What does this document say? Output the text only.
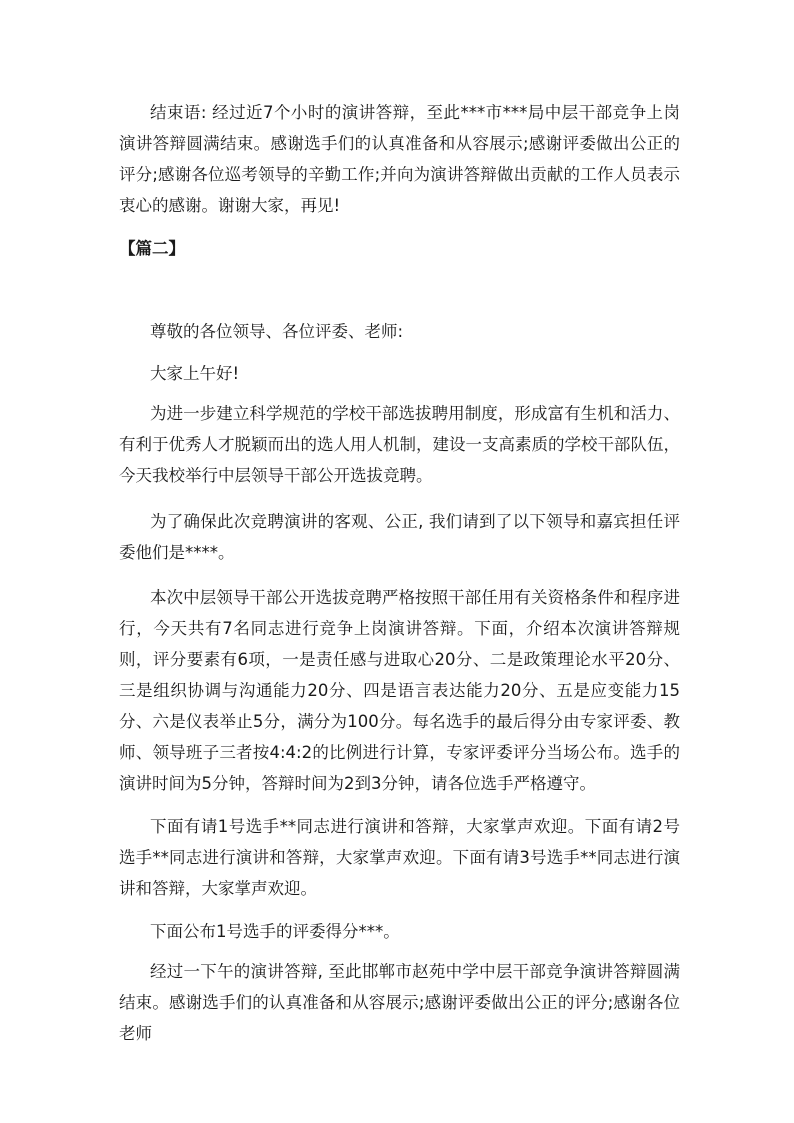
结束语: 经过近7个小时的演讲答辩，至此***市***局中层干部竞争上岗演讲答辩圆满结束。感谢选手们的认真准备和从容展示;感谢评委做出公正的评分;感谢各位巡考领导的辛勤工作;并向为演讲答辩做出贡献的工作人员表示衷心的感谢。谢谢大家，再见!

【篇二】

尊敬的各位领导、各位评委、老师:

大家上午好!

为进一步建立科学规范的学校干部选拔聘用制度，形成富有生机和活力、有利于优秀人才脱颖而出的选人用人机制，建设一支高素质的学校干部队伍，今天我校举行中层领导干部公开选拔竞聘。

为了确保此次竞聘演讲的客观、公正, 我们请到了以下领导和嘉宾担任评委他们是****。

本次中层领导干部公开选拔竞聘严格按照干部任用有关资格条件和程序进行，今天共有7名同志进行竞争上岗演讲答辩。下面，介绍本次演讲答辩规则，评分要素有6项，一是责任感与进取心20分、二是政策理论水平20分、三是组织协调与沟通能力20分、四是语言表达能力20分、五是应变能力15分、六是仪表举止5分，满分为100分。每名选手的最后得分由专家评委、教师、领导班子三者按4:4:2的比例进行计算，专家评委评分当场公布。选手的演讲时间为5分钟，答辩时间为2到3分钟，请各位选手严格遵守。

下面有请1号选手**同志进行演讲和答辩，大家掌声欢迎。下面有请2号选手**同志进行演讲和答辩，大家掌声欢迎。下面有请3号选手**同志进行演讲和答辩，大家掌声欢迎。

下面公布1号选手的评委得分***。

经过一下午的演讲答辩, 至此邯郸市赵苑中学中层干部竞争演讲答辩圆满结束。感谢选手们的认真准备和从容展示;感谢评委做出公正的评分;感谢各位老师
